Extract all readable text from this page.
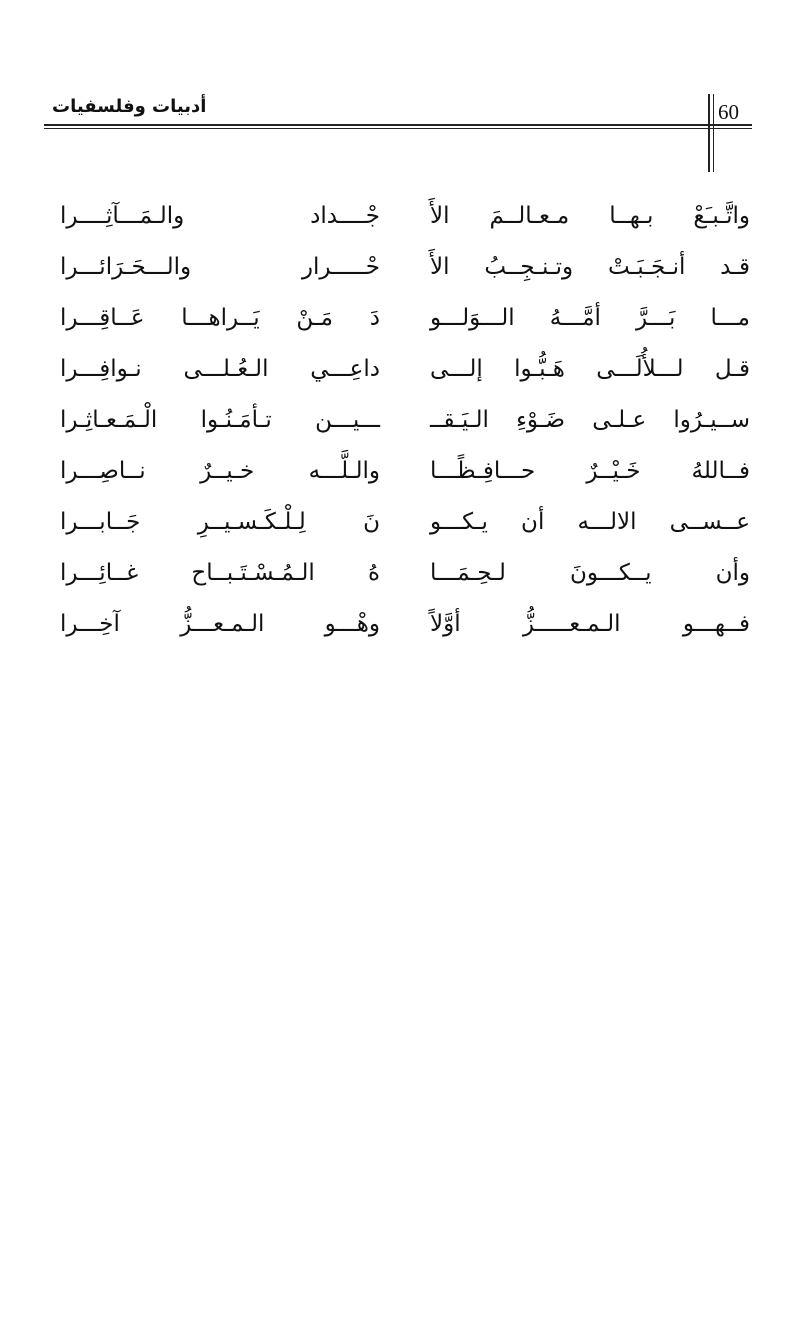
أدبيات وفلسفيات	60
واتَّـبـَعْ بـهــا مـعـالــمَ الأَ
جْــــداد والـمَـــآثِــــرا
قـد أنـجَـبَـتْ وتـنـجِــبُ الأَ
حْـــــرار والـــحَـرَائـــرا
مـــا بَـــرَّ أمَّـــهُ الـــوَلـــو
دَ مَـنْ يَــراهـــا عَــاقِـــرا
قـل لـــلأُلَـــى هَـبُّـوا إلـــى
داعِـــي الـعُـلـــى نـوافِـــرا
ســيـرُوا عـلـى ضَـوْءِ الـيَـقــ
ـــيـــن تـأمَـنُـوا الْـمَـعـاثِـرا
فــاللهُ خَـيْــرٌ حـــافِـظًـــا
والـلَّـــه خـيــرٌ نــاصِـــرا
عــســى الالـــه أن يـكـــو
نَ لِـلْـكَـسـيــرِ جَــابـــرا
وأن يــكـــونَ لـحِـمَـــا
هُ الـمُـسْـتَـبــاح غــائِـــرا
فــهـــو الـمـعـــــزُّ أوَّلاً
وهْـــو الـمـعـــزُّ آخِـــرا
